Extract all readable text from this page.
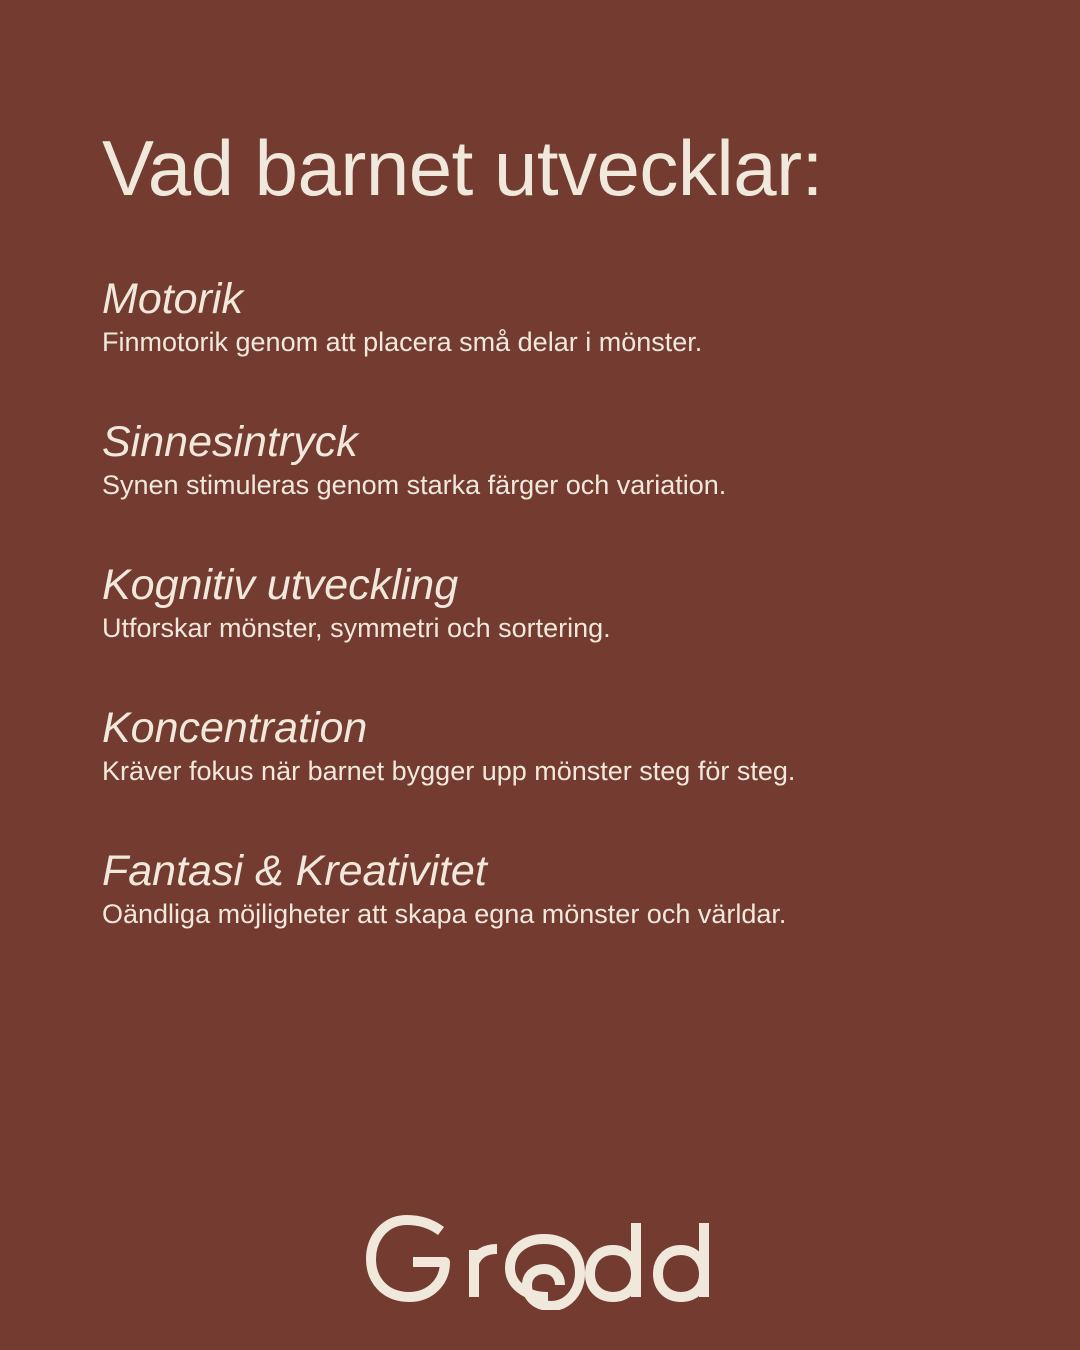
Vad barnet utvecklar:
Motorik

Finmotorik genom att placera små delar i mönster.

Sinnesintryck

Synen stimuleras genom starka färger och variation.

Kognitiv utveckling

Utforskar mönster, symmetri och sortering.

Koncentration

Kräver fokus när barnet bygger upp mönster steg för steg.

Fantasi & Kreativitet

Oändliga möjligheter att skapa egna mönster och världar.
